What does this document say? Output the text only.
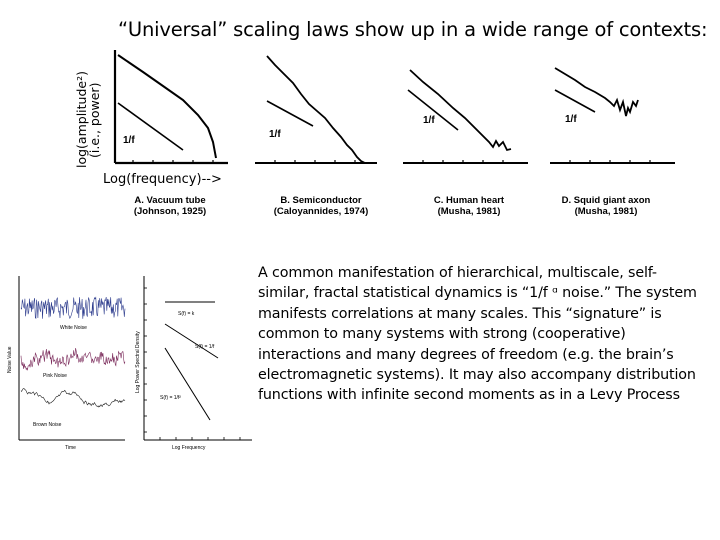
“Universal” scaling laws show up in a wide range of contexts:
log(amplitude²)
(i.e., power)
Log(frequency)-->
1/f
A. Vacuum tube
(Johnson, 1925)
1/f
B. Semiconductor
(Caloyannides, 1974)
1/f
C. Human heart
(Musha, 1981)
1/f
D. Squid giant axon
(Musha, 1981)
Noise Value
Time
White Noise
Pink Noise
Brown Noise
Log Power Spectral Density
Log Frequency
S(f) = k
S(f) = 1/f
S(f) = 1/f²
A common manifestation of hierarchical, multiscale, self-
similar, fractal statistical dynamics is “1/f ᵅ noise.” The system
manifests correlations at many scales. This “signature” is
common to many systems with strong (cooperative)
interactions and many degrees of freedom (e.g. the brain’s
electromagnetic systems). It may also accompany distribution
functions with infinite second moments as in a Levy Process
